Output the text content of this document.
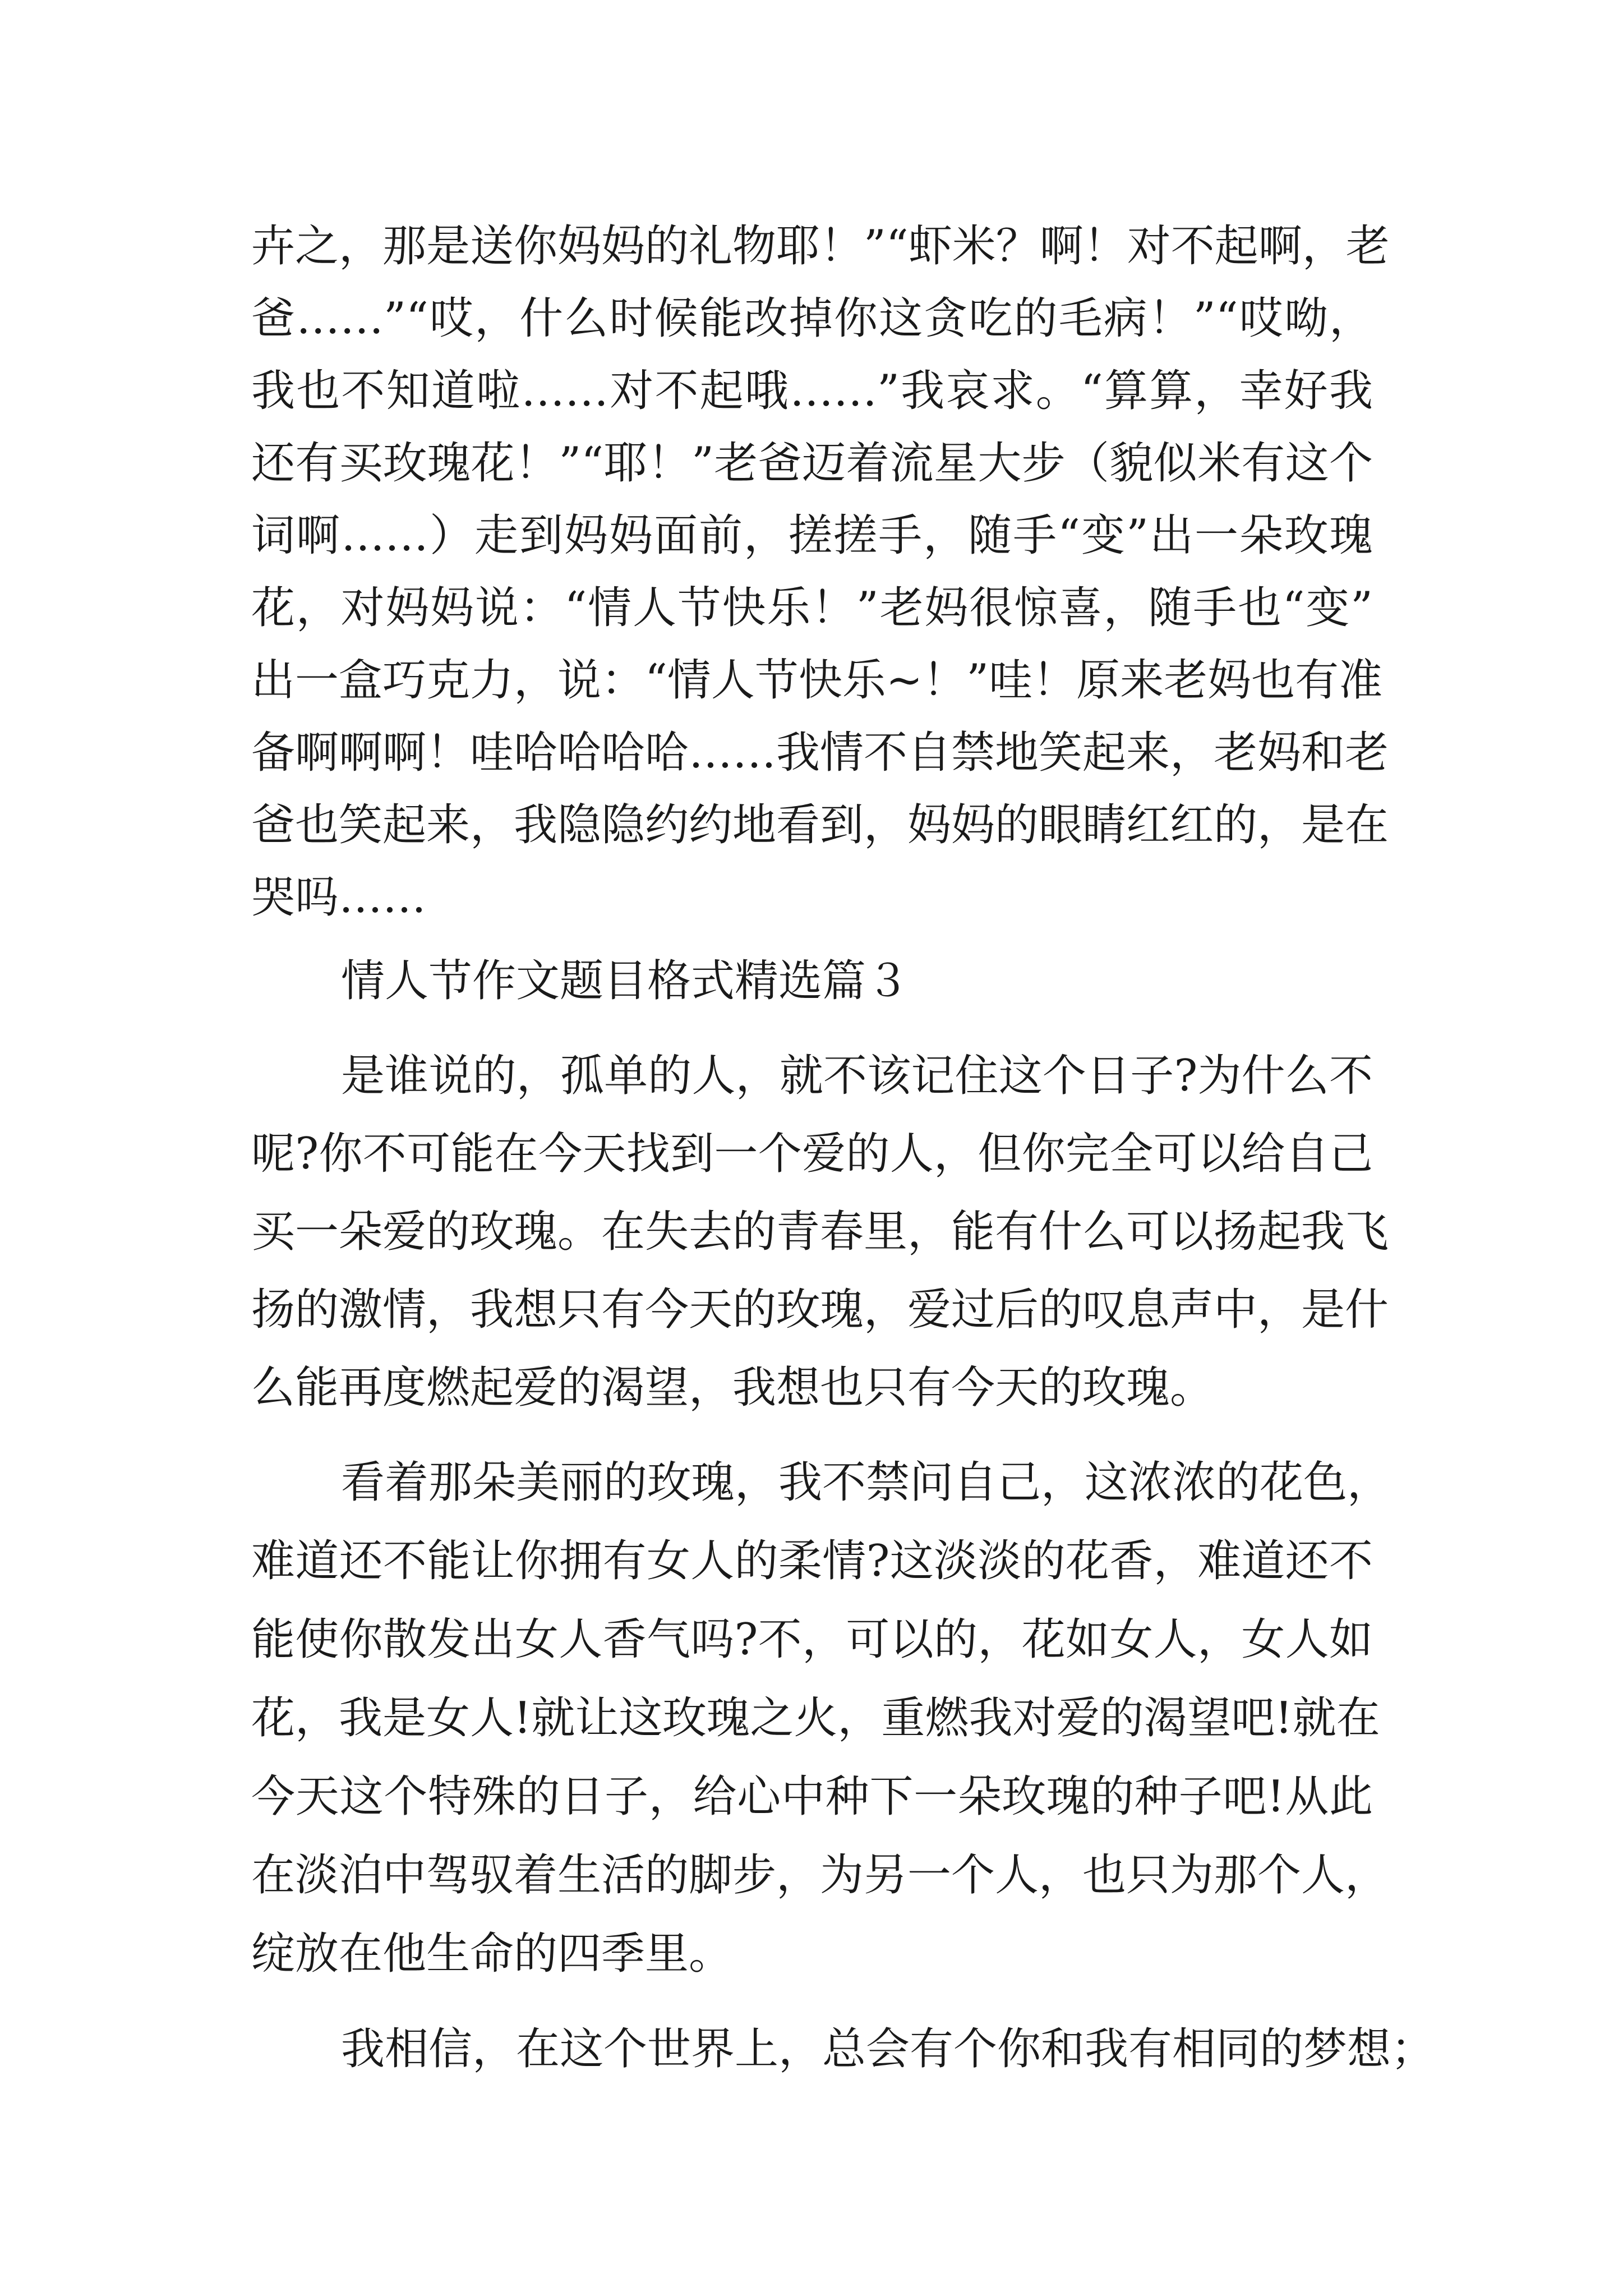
卉之，那是送你妈妈的礼物耶！”“虾米？啊！对不起啊，老

爸……”“哎，什么时候能改掉你这贪吃的毛病！”“哎呦，

我也不知道啦……对不起哦……”我哀求。“算算，幸好我

还有买玫瑰花！”“耶！”老爸迈着流星大步（貌似米有这个

词啊……）走到妈妈面前，搓搓手，随手“变”出一朵玫瑰

花，对妈妈说：“情人节快乐！”老妈很惊喜，随手也“变”

出一盒巧克力，说：“情人节快乐~！”哇！原来老妈也有准

备啊啊啊！哇哈哈哈哈……我情不自禁地笑起来，老妈和老

爸也笑起来，我隐隐约约地看到，妈妈的眼睛红红的，是在

哭吗……

情人节作文题目格式精选篇３

是谁说的，孤单的人，就不该记住这个日子?为什么不

呢?你不可能在今天找到一个爱的人，但你完全可以给自己

买一朵爱的玫瑰。在失去的青春里，能有什么可以扬起我飞

扬的激情，我想只有今天的玫瑰，爱过后的叹息声中，是什

么能再度燃起爱的渴望，我想也只有今天的玫瑰。

看着那朵美丽的玫瑰，我不禁问自己，这浓浓的花色，

难道还不能让你拥有女人的柔情?这淡淡的花香，难道还不

能使你散发出女人香气吗?不，可以的，花如女人，女人如

花，我是女人!就让这玫瑰之火，重燃我对爱的渴望吧!就在

今天这个特殊的日子，给心中种下一朵玫瑰的种子吧!从此

在淡泊中驾驭着生活的脚步，为另一个人，也只为那个人，

绽放在他生命的四季里。

我相信，在这个世界上，总会有个你和我有相同的梦想；
